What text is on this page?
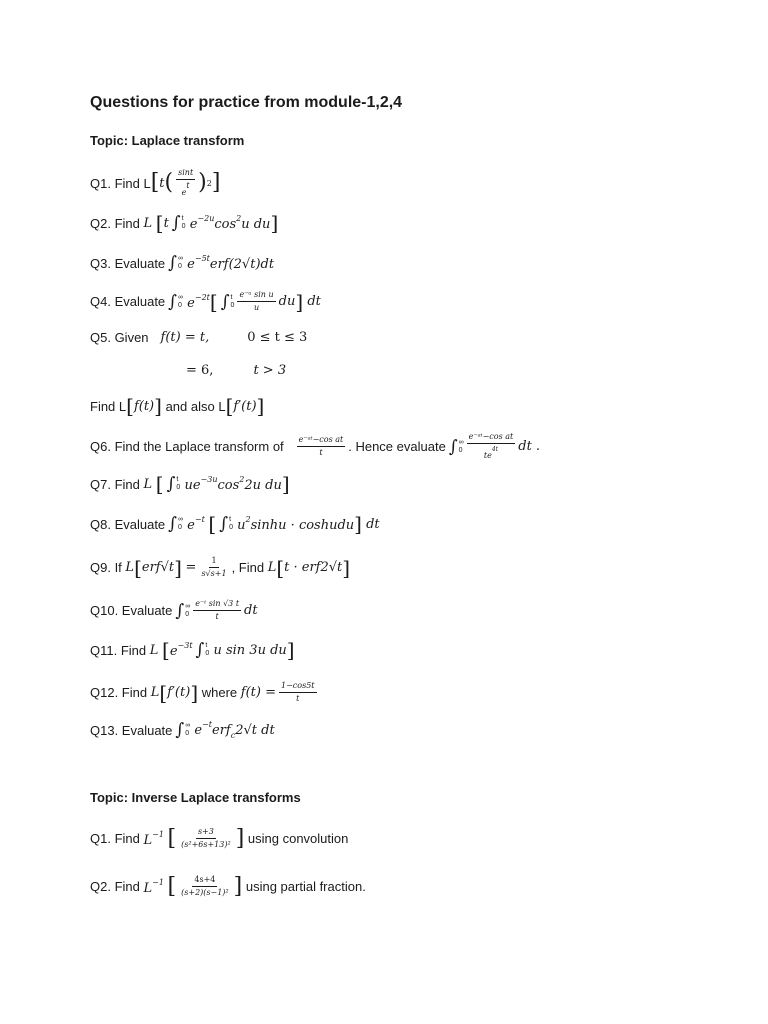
Questions for practice from module-1,2,4
Topic: Laplace transform
Q1. Find L [ t ( $\frac{\sin t}{et}$ ) 2 ]
Q2. Find
L
[ t ∫ t
0 $e^{-2u}\cos^2u$ du ]
Q3. Evaluate ∫ ∞
0 $e^{-5t}erf(2√t)dt$
Q4. Evaluate ∫ ∞
0 $e^{-2t}$ [ ∫ t
$0 \frac{\text{e⁻ᵘ sin u}}{u}$ du ] dt
Q5. Given f(t) = t,	0 ≤ t ≤ 3
= 6,	t > 3
Find L [ f(t) ]
and also L [ f′(t) ]
Q6. Find the Laplace transform of $\frac{\text{e⁻ᵃᵗ−cos at}}{t}$ . Hence evaluate ∫ ∞
$0 \frac{\text{e⁻ᵃᵗ−cos at}}{te^{4t}}$ dt .
Q7. Find
L
[ ∫ t
0 $ue^{-3u}\cos^22u$ du ]
Q8. Evaluate ∫ ∞
0 $e^{-t}$
[ ∫ t
0 $u^2\sinh u$ · coshudu ] dt
Q9. If
L [ erf√t ]
= $\frac{1}{s√s+1}$ , Find
L [ t · erf2√t ]
Q10. Evaluate ∫ ∞
$0 \frac{\text{e⁻ᵗ sin √3 t}}{t}$ dt
Q11. Find
L
[ $e^{-3t}$ ∫ t
0 u sin 3u du ]
Q12. Find
L [ f′(t) ]
where
$f(t) = \frac{1-\cos 5t}{t}$
Q13. Evaluate ∫ ∞
0 $e^{-t}erf_c2√t$ dt
Topic: Inverse Laplace transforms
Q1. Find
$L^{-1}$
[ $\frac{s+3}{\text{(s²+6s+13)²}}$ ]
using convolution
Q2. Find
$L^{-1}$
[ $\frac{4s+4}{\text{(s+2)(s−1)²}}$ ]
using partial fraction.
